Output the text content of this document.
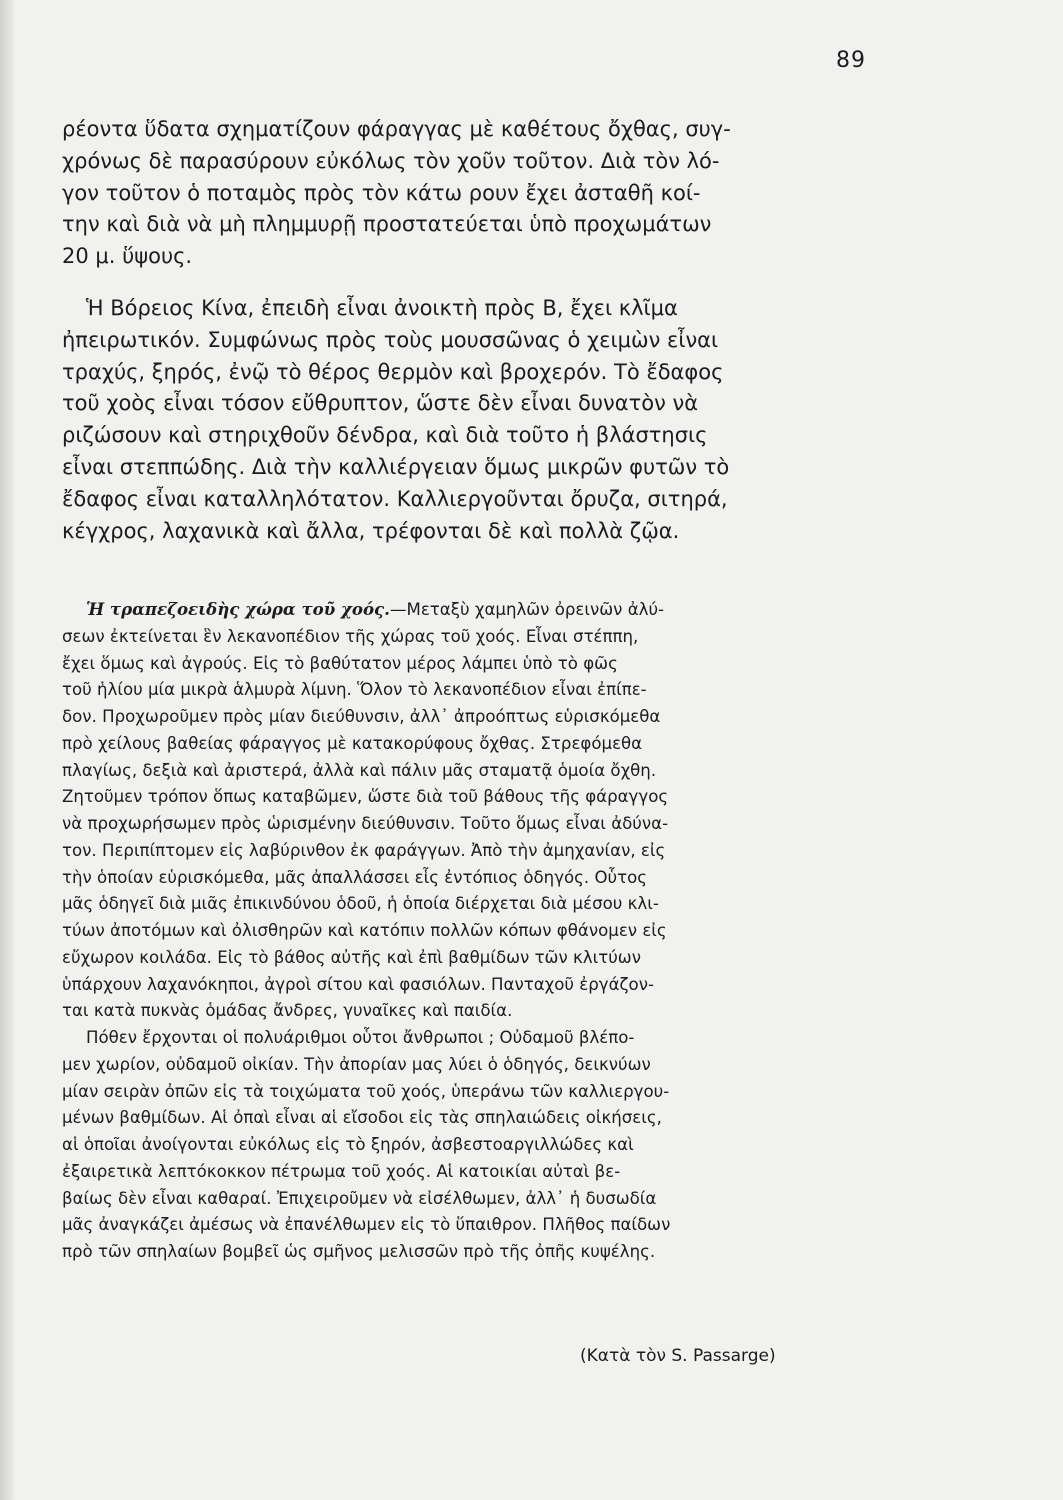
89
ρέοντα ὕδατα σχηματίζουν φάραγγας μὲ καθέτους ὄχθας, συγ-
χρόνως δὲ παρασύρουν εὐκόλως τὸν χοῦν τοῦτον. Διὰ τὸν λό-
γον τοῦτον ὁ ποταμὸς πρὸς τὸν κάτω ρουν ἔχει ἀσταθῆ κοί-
την καὶ διὰ νὰ μὴ πλημμυρῇ προστατεύεται ὑπὸ προχωμάτων
20 μ. ὕψους.
Ἡ Βόρειος Κίνα, ἐπειδὴ εἶναι ἀνοικτὴ πρὸς Β, ἔχει κλῖμα
ἠπειρωτικόν. Συμφώνως πρὸς τοὺς μουσσῶνας ὁ χειμὼν εἶναι
τραχύς, ξηρός, ἐνῷ τὸ θέρος θερμὸν καὶ βροχερόν. Τὸ ἔδαφος
τοῦ χοὸς εἶναι τόσον εὔθρυπτον, ὥστε δὲν εἶναι δυνατὸν νὰ
ριζώσουν καὶ στηριχθοῦν δένδρα, καὶ διὰ τοῦτο ἡ βλάστησις
εἶναι στεππώδης. Διὰ τὴν καλλιέργειαν ὅμως μικρῶν φυτῶν τὸ
ἔδαφος εἶναι καταλληλότατον. Καλλιεργοῦνται ὄρυζα, σιτηρά,
κέγχρος, λαχανικὰ καὶ ἄλλα, τρέφονται δὲ καὶ πολλὰ ζῷα.
Ἡ τραπεζοειδὴς χώρα τοῦ χοός.—Μεταξὺ χαμηλῶν ὀρεινῶν ἀλύ-
σεων ἐκτείνεται ἓν λεκανοπέδιον τῆς χώρας τοῦ χοός. Εἶναι στέππη,
ἔχει ὅμως καὶ ἀγρούς. Εἰς τὸ βαθύτατον μέρος λάμπει ὑπὸ τὸ φῶς
τοῦ ἡλίου μία μικρὰ ἁλμυρὰ λίμνη. Ὅλον τὸ λεκανοπέδιον εἶναι ἐπίπε-
δον. Προχωροῦμεν πρὸς μίαν διεύθυνσιν, ἀλλ᾿ ἀπροόπτως εὑρισκόμεθα
πρὸ χείλους βαθείας φάραγγος μὲ κατακορύφους ὄχθας. Στρεφόμεθα
πλαγίως, δεξιὰ καὶ ἀριστερά, ἀλλὰ καὶ πάλιν μᾶς σταματᾷ ὁμοία ὄχθη.
Ζητοῦμεν τρόπον ὅπως καταβῶμεν, ὥστε διὰ τοῦ βάθους τῆς φάραγγος
νὰ προχωρήσωμεν πρὸς ὡρισμένην διεύθυνσιν. Τοῦτο ὅμως εἶναι ἀδύνα-
τον. Περιπίπτομεν εἰς λαβύρινθον ἐκ φαράγγων. Ἀπὸ τὴν ἀμηχανίαν, εἰς
τὴν ὁποίαν εὑρισκόμεθα, μᾶς ἀπαλλάσσει εἷς ἐντόπιος ὁδηγός. Οὗτος
μᾶς ὁδηγεῖ διὰ μιᾶς ἐπικινδύνου ὁδοῦ, ἡ ὁποία διέρχεται διὰ μέσου κλι-
τύων ἀποτόμων καὶ ὀλισθηρῶν καὶ κατόπιν πολλῶν κόπων φθάνομεν εἰς
εὔχωρον κοιλάδα. Εἰς τὸ βάθος αὐτῆς καὶ ἐπὶ βαθμίδων τῶν κλιτύων
ὑπάρχουν λαχανόκηποι, ἀγροὶ σίτου καὶ φασιόλων. Πανταχοῦ ἐργάζον-
ται κατὰ πυκνὰς ὁμάδας ἄνδρες, γυναῖκες καὶ παιδία.
Πόθεν ἔρχονται οἱ πολυάριθμοι οὗτοι ἄνθρωποι ; Οὐδαμοῦ βλέπο-
μεν χωρίον, οὐδαμοῦ οἰκίαν. Τὴν ἀπορίαν μας λύει ὁ ὁδηγός, δεικνύων
μίαν σειρὰν ὀπῶν εἰς τὰ τοιχώματα τοῦ χοός, ὑπεράνω τῶν καλλιεργου-
μένων βαθμίδων. Αἱ ὀπαὶ εἶναι αἱ εἴσοδοι εἰς τὰς σπηλαιώδεις οἰκήσεις,
αἱ ὁποῖαι ἀνοίγονται εὐκόλως εἰς τὸ ξηρόν, ἀσβεστοαργιλλώδες καὶ
ἐξαιρετικὰ λεπτόκοκκον πέτρωμα τοῦ χοός. Αἱ κατοικίαι αὐταὶ βε-
βαίως δὲν εἶναι καθαραί. Ἐπιχειροῦμεν νὰ εἰσέλθωμεν, ἀλλ᾿ ἡ δυσωδία
μᾶς ἀναγκάζει ἀμέσως νὰ ἐπανέλθωμεν εἰς τὸ ὕπαιθρον. Πλῆθος παίδων
πρὸ τῶν σπηλαίων βομβεῖ ὡς σμῆνος μελισσῶν πρὸ τῆς ὀπῆς κυψέλης.
(Κατὰ τὸν S. Passarge)
